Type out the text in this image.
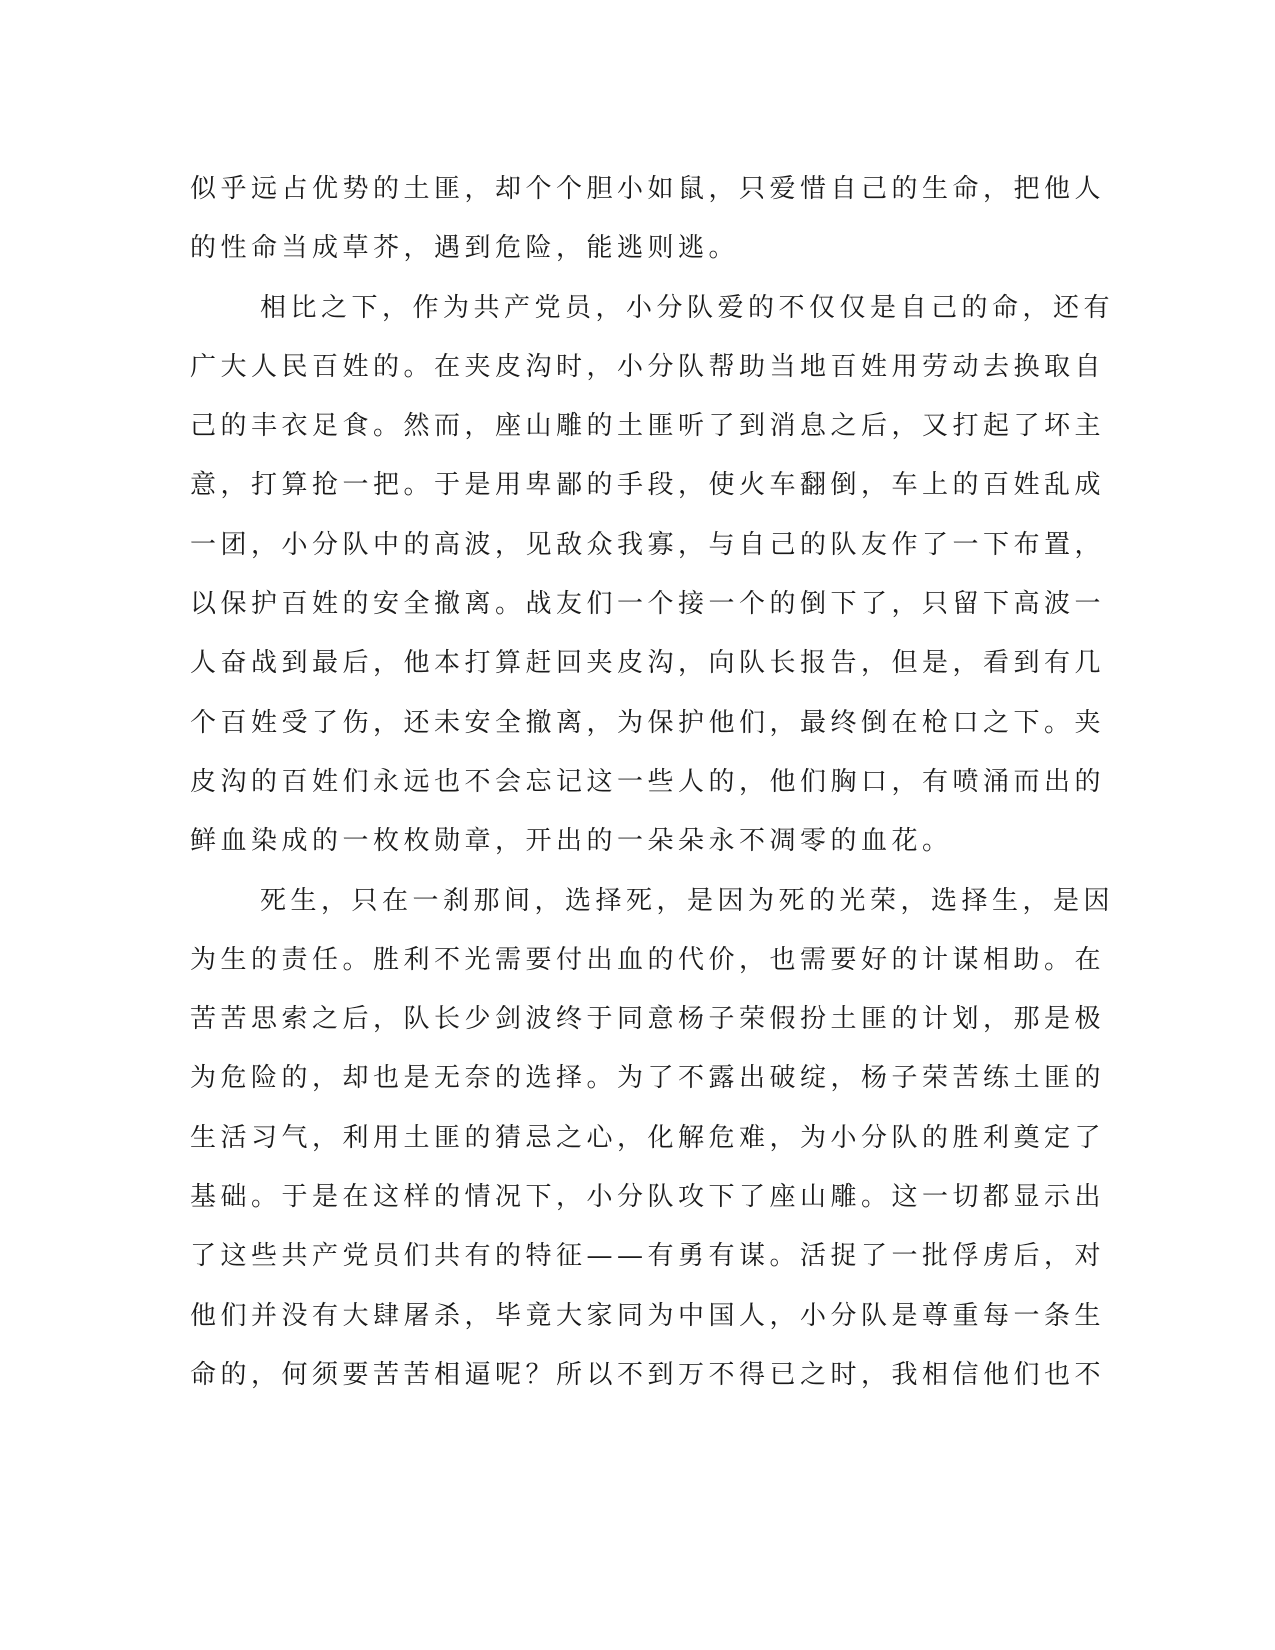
似乎远占优势的土匪，却个个胆小如鼠，只爱惜自己的生命，把他人
的性命当成草芥，遇到危险，能逃则逃。
相比之下，作为共产党员，小分队爱的不仅仅是自己的命，还有
广大人民百姓的。在夹皮沟时，小分队帮助当地百姓用劳动去换取自
己的丰衣足食。然而，座山雕的土匪听了到消息之后，又打起了坏主
意，打算抢一把。于是用卑鄙的手段，使火车翻倒，车上的百姓乱成
一团，小分队中的高波，见敌众我寡，与自己的队友作了一下布置，
以保护百姓的安全撤离。战友们一个接一个的倒下了，只留下高波一
人奋战到最后，他本打算赶回夹皮沟，向队长报告，但是，看到有几
个百姓受了伤，还未安全撤离，为保护他们，最终倒在枪口之下。夹
皮沟的百姓们永远也不会忘记这一些人的，他们胸口，有喷涌而出的
鲜血染成的一枚枚勋章，开出的一朵朵永不凋零的血花。
死生，只在一刹那间，选择死，是因为死的光荣，选择生，是因
为生的责任。胜利不光需要付出血的代价，也需要好的计谋相助。在
苦苦思索之后，队长少剑波终于同意杨子荣假扮土匪的计划，那是极
为危险的，却也是无奈的选择。为了不露出破绽，杨子荣苦练土匪的
生活习气，利用土匪的猜忌之心，化解危难，为小分队的胜利奠定了
基础。于是在这样的情况下，小分队攻下了座山雕。这一切都显示出
了这些共产党员们共有的特征——有勇有谋。活捉了一批俘虏后，对
他们并没有大肆屠杀，毕竟大家同为中国人，小分队是尊重每一条生
命的，何须要苦苦相逼呢？所以不到万不得已之时，我相信他们也不
